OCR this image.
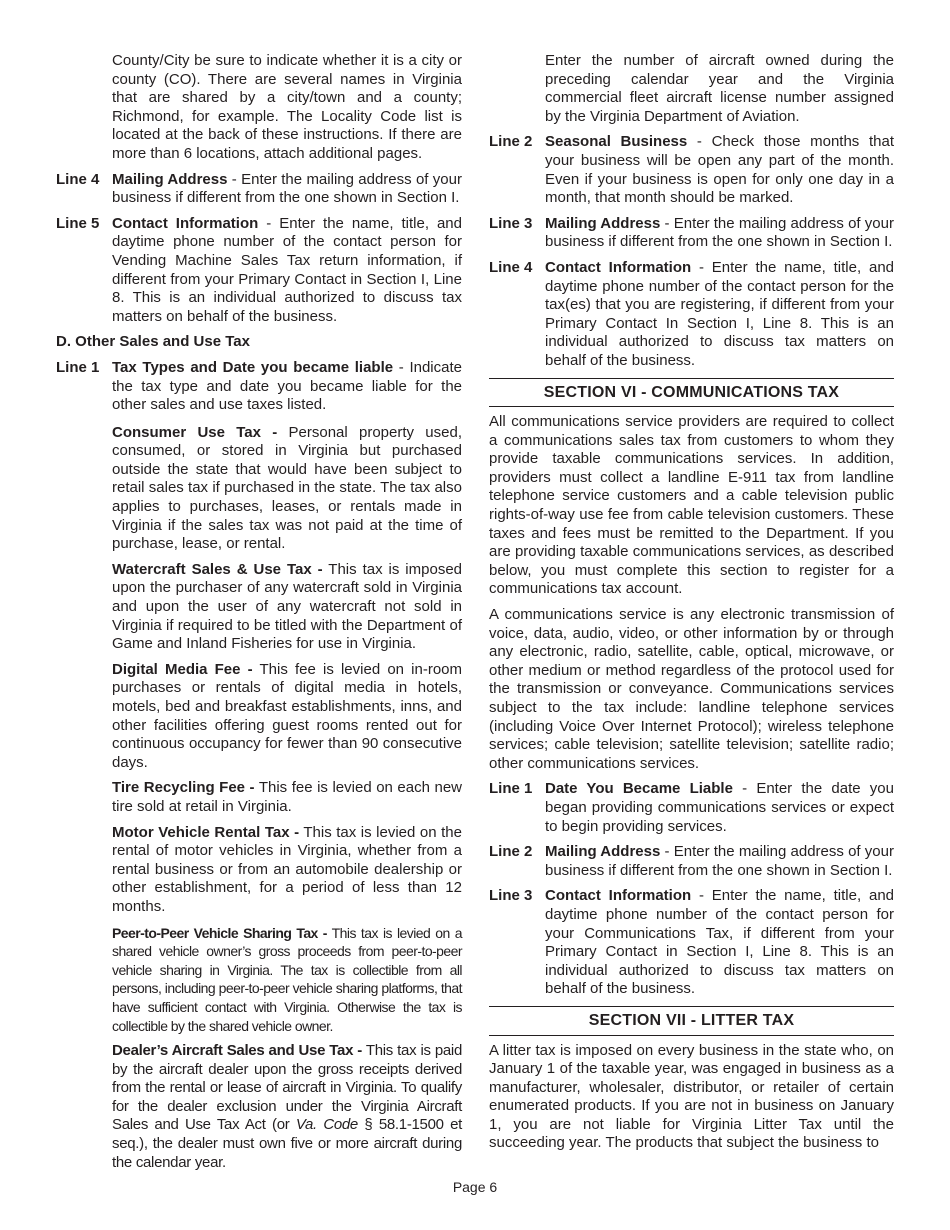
County/City be sure to indicate whether it is a city or county (CO). There are several names in Virginia that are shared by a city/town and a county; Richmond, for example. The Locality Code list is located at the back of these instructions. If there are more than 6 locations, attach additional pages.

Line 4 Mailing Address - Enter the mailing address of your business if different from the one shown in Section I.
Line 5 Contact Information - Enter the name, title, and daytime phone number of the contact person for Vending Machine Sales Tax return information, if different from your Primary Contact in Section I, Line 8. This is an individual authorized to discuss tax matters on behalf of the business.
D. Other Sales and Use Tax
Line 1 Tax Types and Date you became liable - Indicate the tax type and date you became liable for the other sales and use taxes listed.

Consumer Use Tax - Personal property used, consumed, or stored in Virginia but purchased outside the state that would have been subject to retail sales tax if purchased in the state. The tax also applies to purchases, leases, or rentals made in Virginia if the sales tax was not paid at the time of purchase, lease, or rental.

Watercraft Sales & Use Tax - This tax is imposed upon the purchaser of any watercraft sold in Virginia and upon the user of any watercraft not sold in Virginia if required to be titled with the Department of Game and Inland Fisheries for use in Virginia.

Digital Media Fee - This fee is levied on in-room purchases or rentals of digital media in hotels, motels, bed and breakfast establishments, inns, and other facilities offering guest rooms rented out for continuous occupancy for fewer than 90 consecutive days.

Tire Recycling Fee - This fee is levied on each new tire sold at retail in Virginia.

Motor Vehicle Rental Tax - This tax is levied on the rental of motor vehicles in Virginia, whether from a rental business or from an automobile dealership or other establishment, for a period of less than 12 months.

Peer-to-Peer Vehicle Sharing Tax - This tax is levied on a shared vehicle owner’s gross proceeds from peer-to-peer vehicle sharing in Virginia. The tax is collectible from all persons, including peer-to-peer vehicle sharing platforms, that have sufficient contact with Virginia. Otherwise the tax is collectible by the shared vehicle owner.

Dealer’s Aircraft Sales and Use Tax - This tax is paid by the aircraft dealer upon the gross receipts derived from the rental or lease of aircraft in Virginia. To qualify for the dealer exclusion under the Virginia Aircraft Sales and Use Tax Act (or Va. Code § 58.1-1500 et seq.), the dealer must own five or more aircraft during the calendar year.

Enter the number of aircraft owned during the preceding calendar year and the Virginia commercial fleet aircraft license number assigned by the Virginia Department of Aviation.

Line 2 Seasonal Business - Check those months that your business will be open any part of the month. Even if your business is open for only one day in a month, that month should be marked.
Line 3 Mailing Address - Enter the mailing address of your business if different from the one shown in Section I.
Line 4 Contact Information - Enter the name, title, and daytime phone number of the contact person for the tax(es) that you are registering, if different from your Primary Contact In Section I, Line 8. This is an individual authorized to discuss tax matters on behalf of the business.
SECTION VI - COMMUNICATIONS TAX

All communications service providers are required to collect a communications sales tax from customers to whom they provide taxable communications services. In addition, providers must collect a landline E-911 tax from landline telephone service customers and a cable television public rights-of-way use fee from cable television customers. These taxes and fees must be remitted to the Department. If you are providing taxable communications services, as described below, you must complete this section to register for a communications tax account.

A communications service is any electronic transmission of voice, data, audio, video, or other information by or through any electronic, radio, satellite, cable, optical, microwave, or other medium or method regardless of the protocol used for the transmission or conveyance. Communications services subject to the tax include: landline telephone services (including Voice Over Internet Protocol); wireless telephone services; cable television; satellite television; satellite radio; other communications services.

Line 1 Date You Became Liable - Enter the date you began providing communications services or expect to begin providing services.
Line 2 Mailing Address - Enter the mailing address of your business if different from the one shown in Section I.
Line 3 Contact Information - Enter the name, title, and daytime phone number of the contact person for your Communications Tax, if different from your Primary Contact in Section I, Line 8. This is an individual authorized to discuss tax matters on behalf of the business.
SECTION VII - LITTER TAX

A litter tax is imposed on every business in the state who, on January 1 of the taxable year, was engaged in business as a manufacturer, wholesaler, distributor, or retailer of certain enumerated products. If you are not in business on January 1, you are not liable for Virginia Litter Tax until the succeeding year. The products that subject the business to

Page 6
